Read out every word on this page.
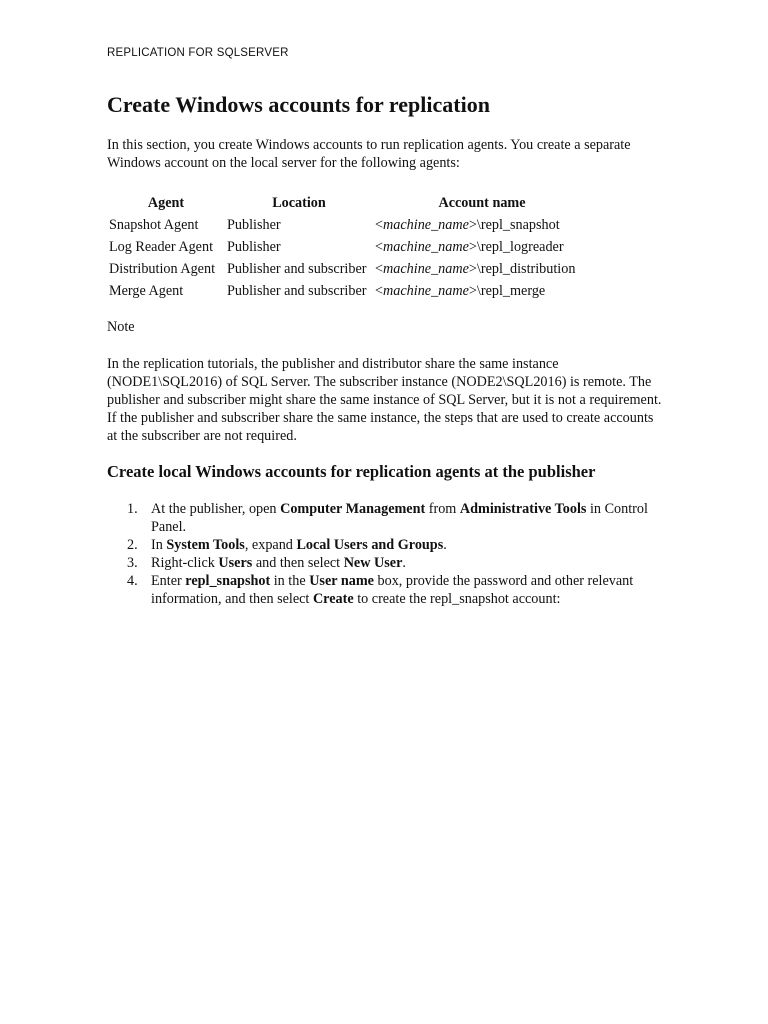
REPLICATION FOR SQLSERVER
Create Windows accounts for replication

In this section, you create Windows accounts to run replication agents. You create a separate Windows account on the local server for the following agents:

Agent	Location	Account name
Snapshot Agent	Publisher	<machine_name>\repl_snapshot
Log Reader Agent	Publisher	<machine_name>\repl_logreader
Distribution Agent	Publisher and subscriber	<machine_name>\repl_distribution
Merge Agent	Publisher and subscriber	<machine_name>\repl_merge

Note

In the replication tutorials, the publisher and distributor share the same instance (NODE1\SQL2016) of SQL Server. The subscriber instance (NODE2\SQL2016) is remote. The publisher and subscriber might share the same instance of SQL Server, but it is not a requirement. If the publisher and subscriber share the same instance, the steps that are used to create accounts at the subscriber are not required.

Create local Windows accounts for replication agents at the publisher
1. At the publisher, open Computer Management from Administrative Tools in Control Panel.
2. In System Tools, expand Local Users and Groups.
3. Right-click Users and then select New User.
4. Enter repl_snapshot in the User name box, provide the password and other relevant information, and then select Create to create the repl_snapshot account:
